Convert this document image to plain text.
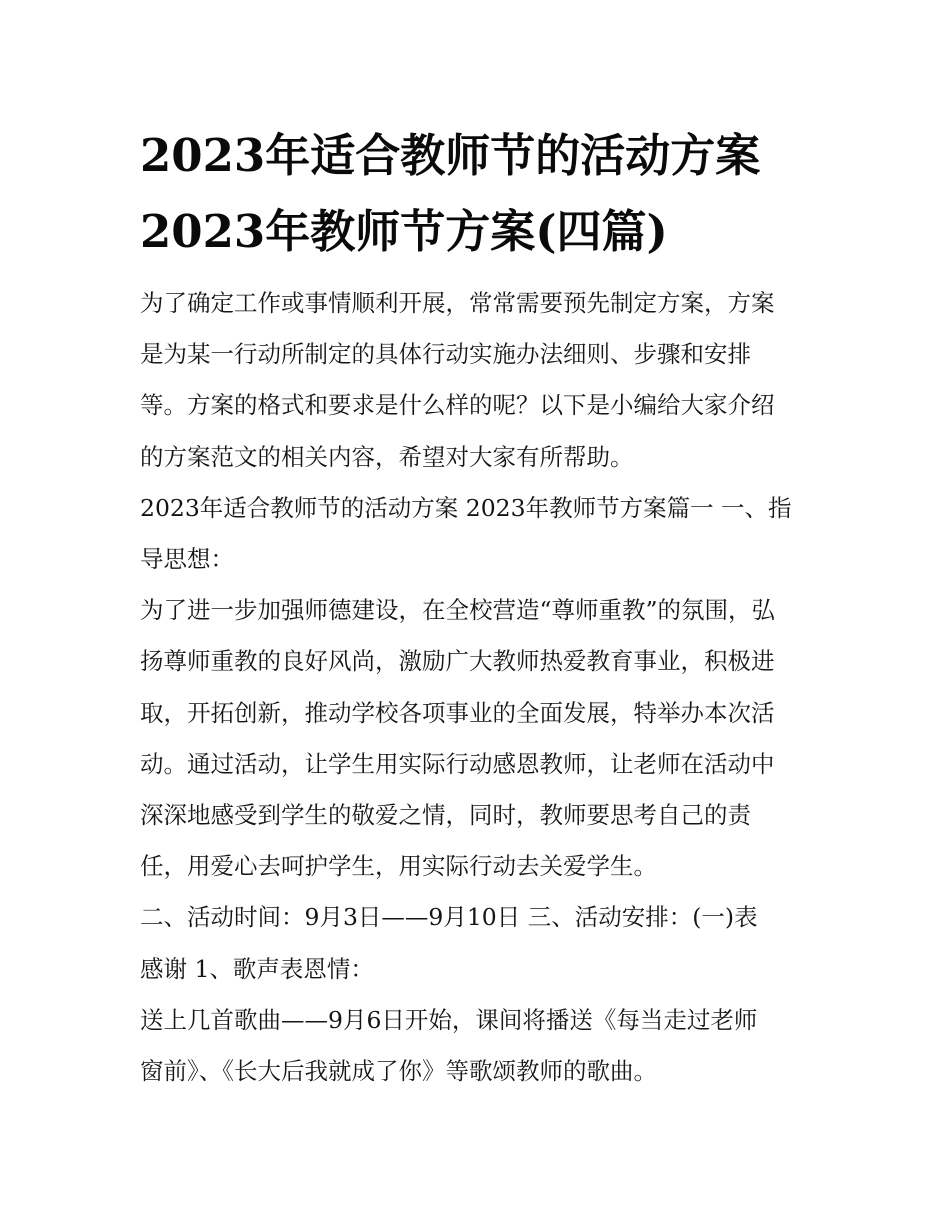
2023年适合教师节的活动方案
2023年教师节方案(四篇)

为了确定工作或事情顺利开展，常常需要预先制定方案，方案
是为某一行动所制定的具体行动实施办法细则、步骤和安排
等。方案的格式和要求是什么样的呢？以下是小编给大家介绍
的方案范文的相关内容，希望对大家有所帮助。

2023年适合教师节的活动方案 2023年教师节方案篇一 一、指
导思想：

为了进一步加强师德建设，在全校营造“尊师重教”的氛围，弘
扬尊师重教的良好风尚，激励广大教师热爱教育事业，积极进
取，开拓创新，推动学校各项事业的全面发展，特举办本次活
动。通过活动，让学生用实际行动感恩教师，让老师在活动中
深深地感受到学生的敬爱之情，同时，教师要思考自己的责
任，用爱心去呵护学生，用实际行动去关爱学生。

二、活动时间：9月3日——9月10日 三、活动安排：(一)表
感谢 1、歌声表恩情：

送上几首歌曲——9月6日开始，课间将播送《每当走过老师
窗前》、《长大后我就成了你》等歌颂教师的歌曲。
